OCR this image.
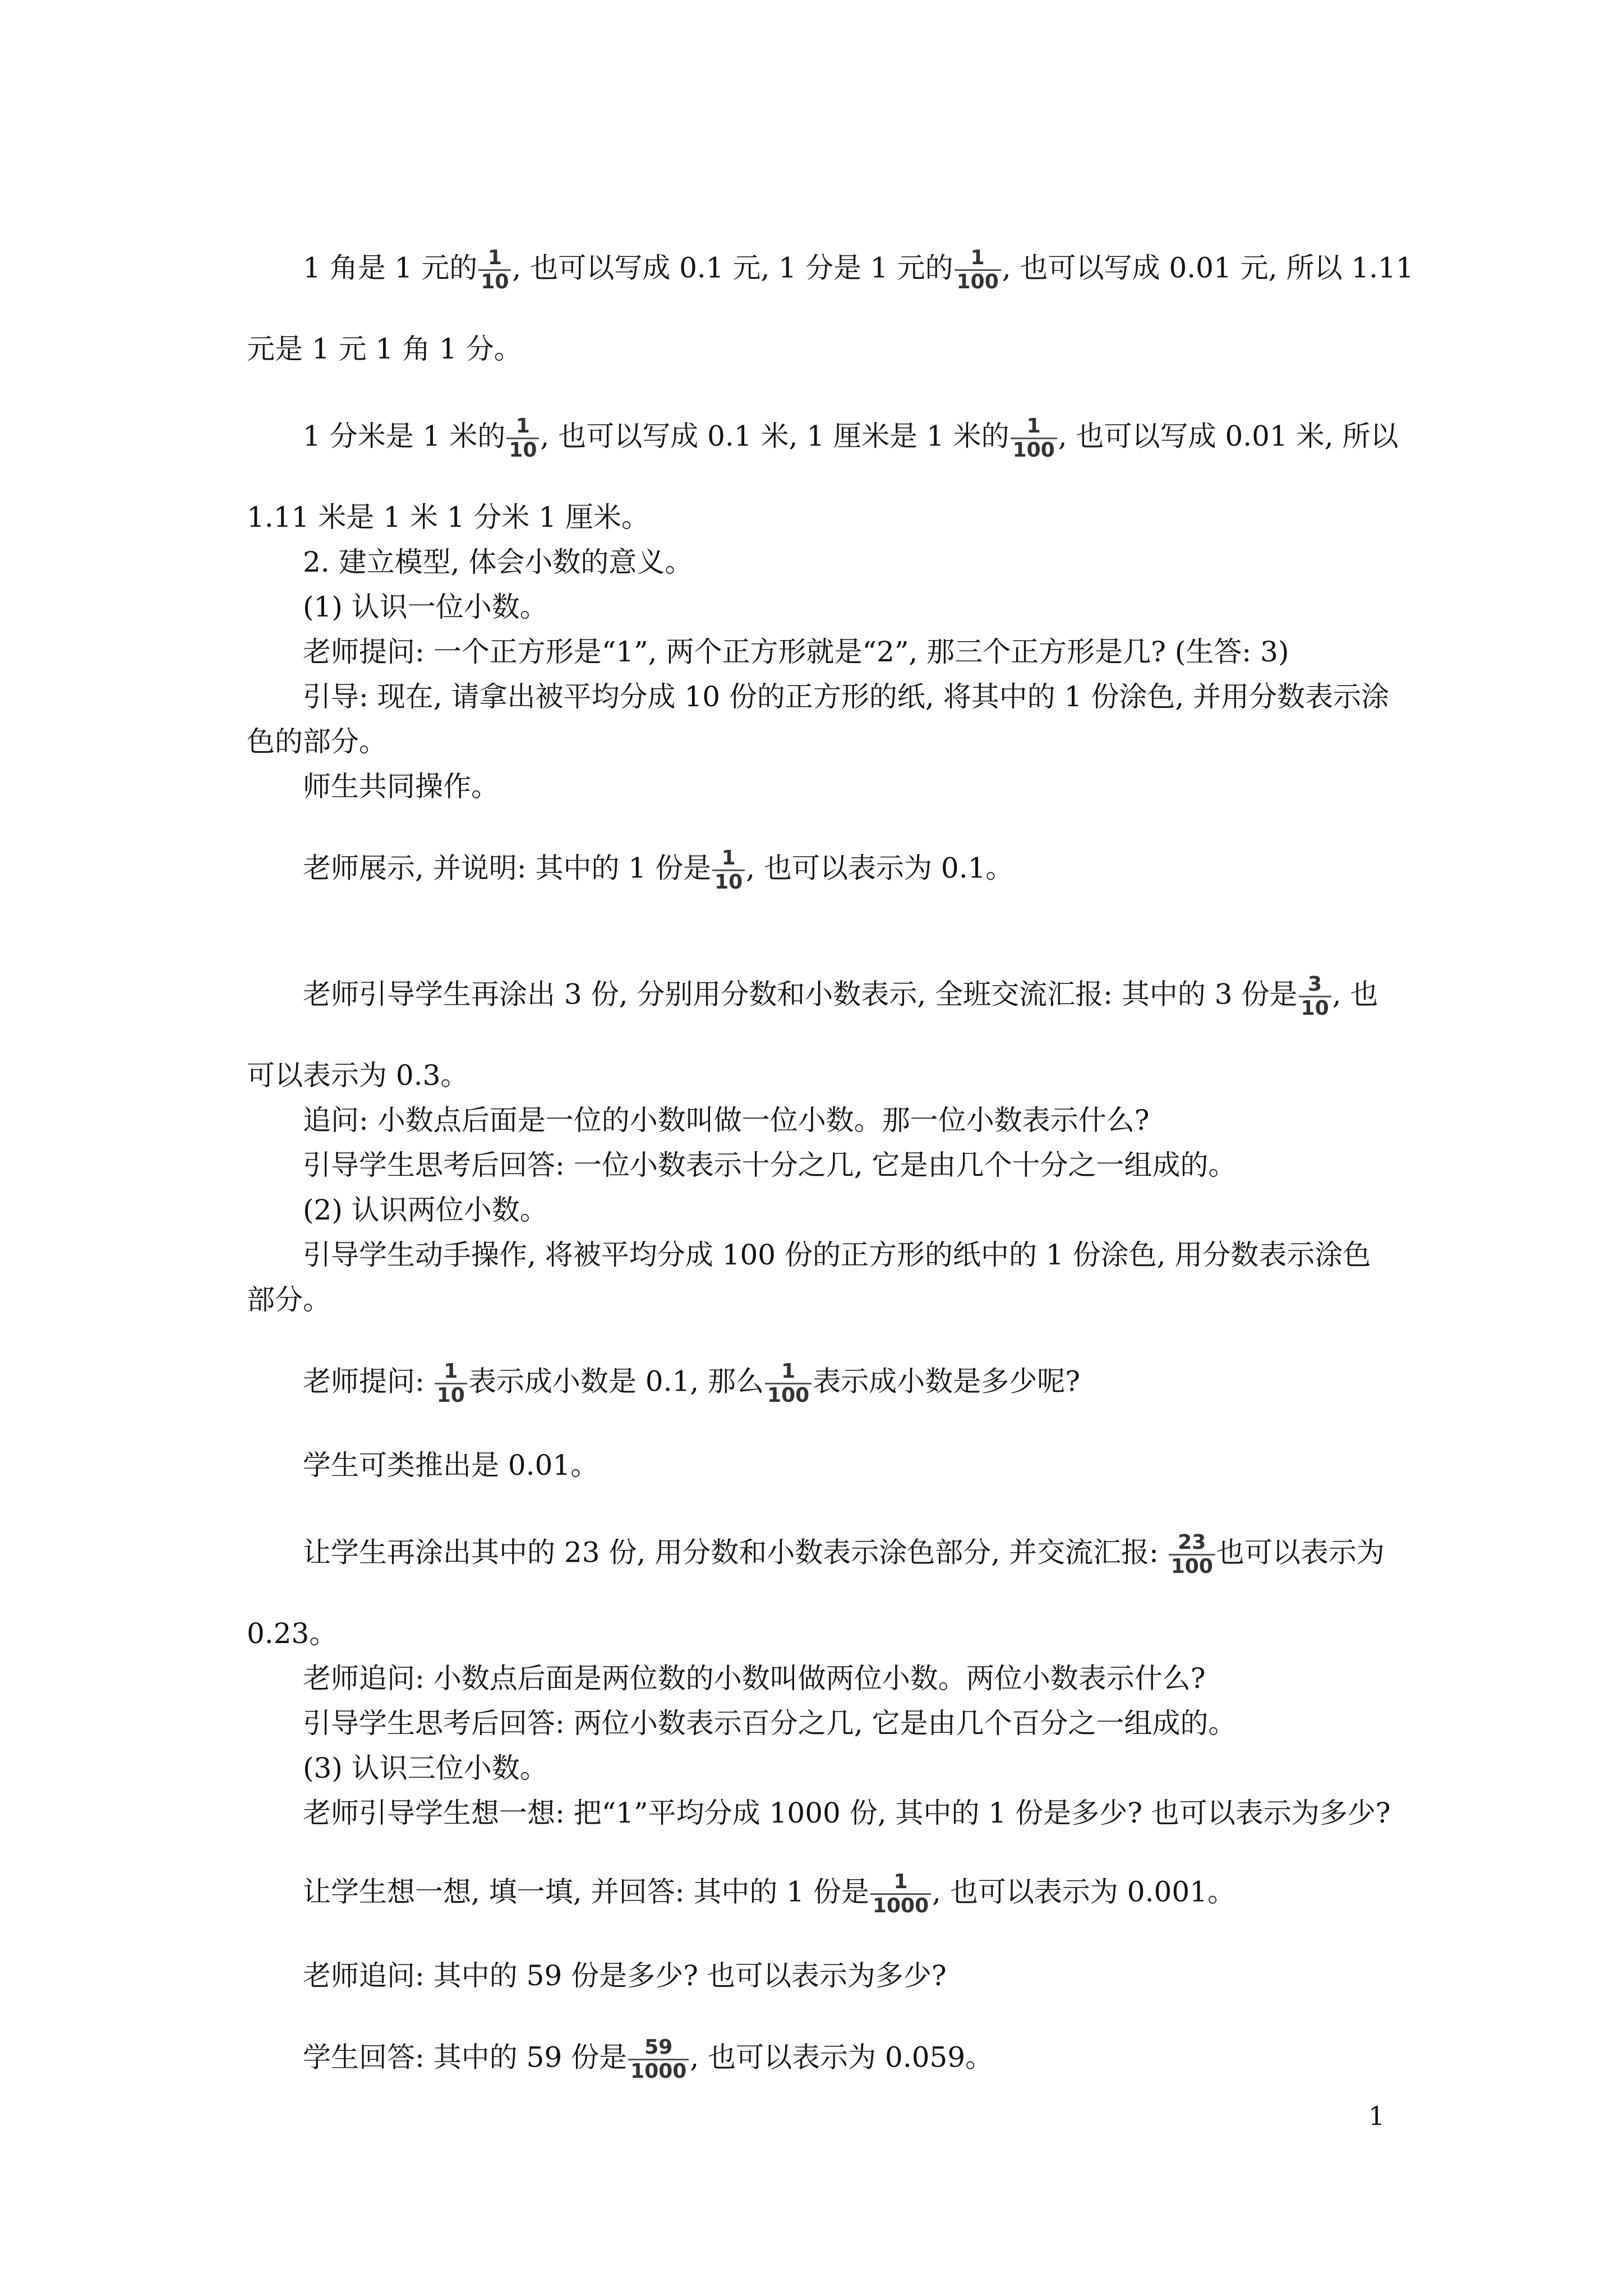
1 角是 1 元的 $\frac{1}{10}$ , 也可以写成 0.1 元, 1 分是 1 元的 $\frac{1}{100}$ , 也可以写成 0.01 元, 所以 1.11
元是 1 元 1 角 1 分。
1 分米是 1 米的 $\frac{1}{10}$ , 也可以写成 0.1 米, 1 厘米是 1 米的 $\frac{1}{100}$ , 也可以写成 0.01 米, 所以
1.11 米是 1 米 1 分米 1 厘米。
2. 建立模型, 体会小数的意义。
(1) 认识一位小数。
老师提问: 一个正方形是“1”, 两个正方形就是“2”, 那三个正方形是几? (生答: 3)
引导: 现在, 请拿出被平均分成 10 份的正方形的纸, 将其中的 1 份涂色, 并用分数表示涂
色的部分。
师生共同操作。
老师展示, 并说明: 其中的 1 份是 $\frac{1}{10}$ , 也可以表示为 0.1。
老师引导学生再涂出 3 份, 分别用分数和小数表示, 全班交流汇报: 其中的 3 份是 $\frac{3}{10}$ , 也
可以表示为 0.3。
追问: 小数点后面是一位的小数叫做一位小数。那一位小数表示什么?
引导学生思考后回答: 一位小数表示十分之几, 它是由几个十分之一组成的。
(2) 认识两位小数。
引导学生动手操作, 将被平均分成 100 份的正方形的纸中的 1 份涂色, 用分数表示涂色
部分。
老师提问: $\frac{1}{10}$ 表示成小数是 0.1, 那么 $\frac{1}{100}$ 表示成小数是多少呢?
学生可类推出是 0.01。
让学生再涂出其中的 23 份, 用分数和小数表示涂色部分, 并交流汇报: $\frac{23}{100}$ 也可以表示为
0.23。
老师追问: 小数点后面是两位数的小数叫做两位小数。两位小数表示什么?
引导学生思考后回答: 两位小数表示百分之几, 它是由几个百分之一组成的。
(3) 认识三位小数。
老师引导学生想一想: 把“1”平均分成 1000 份, 其中的 1 份是多少? 也可以表示为多少?
让学生想一想, 填一填, 并回答: 其中的 1 份是 $\frac{1}{1000}$ , 也可以表示为 0.001。
老师追问: 其中的 59 份是多少? 也可以表示为多少?
学生回答: 其中的 59 份是 $\frac{59}{1000}$ , 也可以表示为 0.059。
1
